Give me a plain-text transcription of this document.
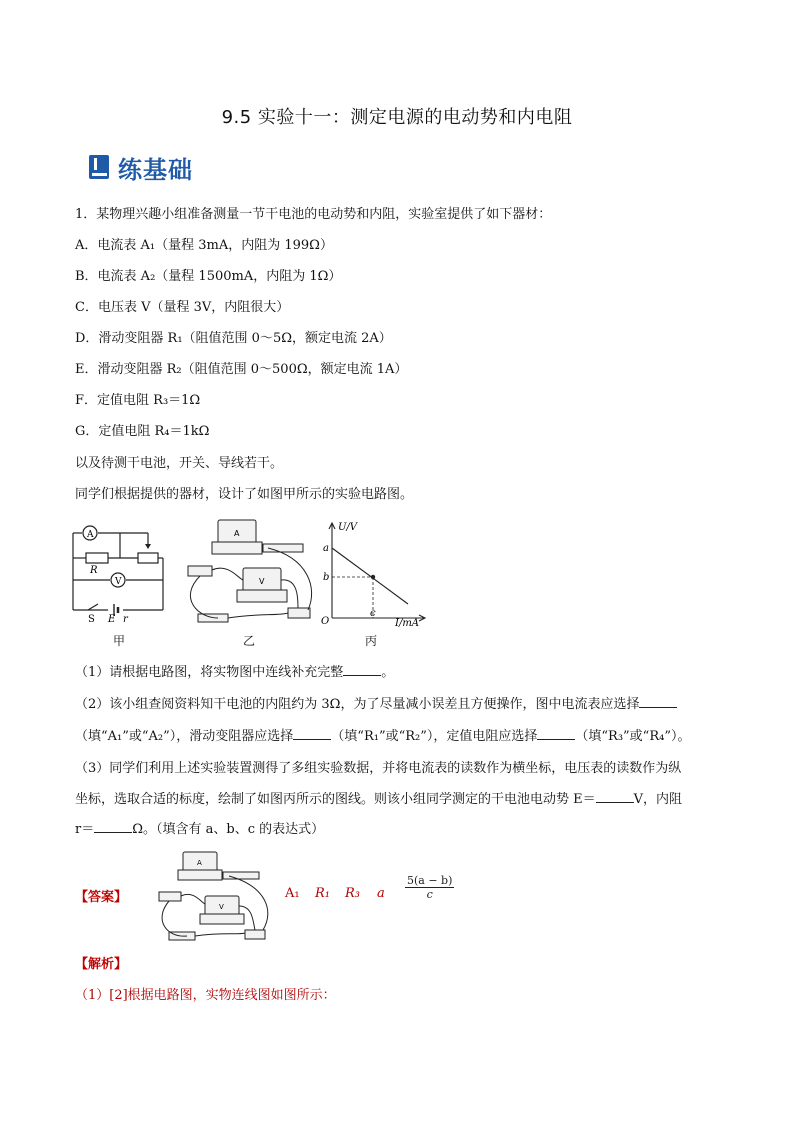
9.5 实验十一：测定电源的电动势和内电阻
练基础
1．某物理兴趣小组准备测量一节干电池的电动势和内阻，实验室提供了如下器材：
A．电流表 A₁（量程 3mA，内阻为 199Ω）
B．电流表 A₂（量程 1500mA，内阻为 1Ω）
C．电压表 V（量程 3V，内阻很大）
D．滑动变阻器 R₁（阻值范围 0～5Ω，额定电流 2A）
E．滑动变阻器 R₂（阻值范围 0～500Ω，额定电流 1A）
F．定值电阻 R₃＝1Ω
G．定值电阻 R₄＝1kΩ
以及待测干电池，开关、导线若干。
同学们根据提供的器材，设计了如图甲所示的实验电路图。
A
V
R
S E r
甲
A
V
乙
U/V
I/mA
O
a
b
c
丙
（1）请根据电路图，将实物图中连线补充完整	。
（2）该小组查阅资料知干电池的内阻约为 3Ω，为了尽量减小误差且方便操作，图中电流表应选择
（填“A₁”或“A₂”），滑动变阻器应选择	（填“R₁”或“R₂”），定值电阻应选择	（填“R₃”或“R₄”）。
（3）同学们利用上述实验装置测得了多组实验数据，并将电流表的读数作为横坐标，电压表的读数作为纵
坐标，选取合适的标度，绘制了如图丙所示的图线。则该小组同学测定的干电池电动势 E＝	V，内阻
r＝	Ω。（填含有 a、b、c 的表达式）
【答案】
A
V
A₁ R₁ R₃ a $\frac{5(a - b)}{c}$
【解析】
（1）[2]根据电路图，实物连线图如图所示：
